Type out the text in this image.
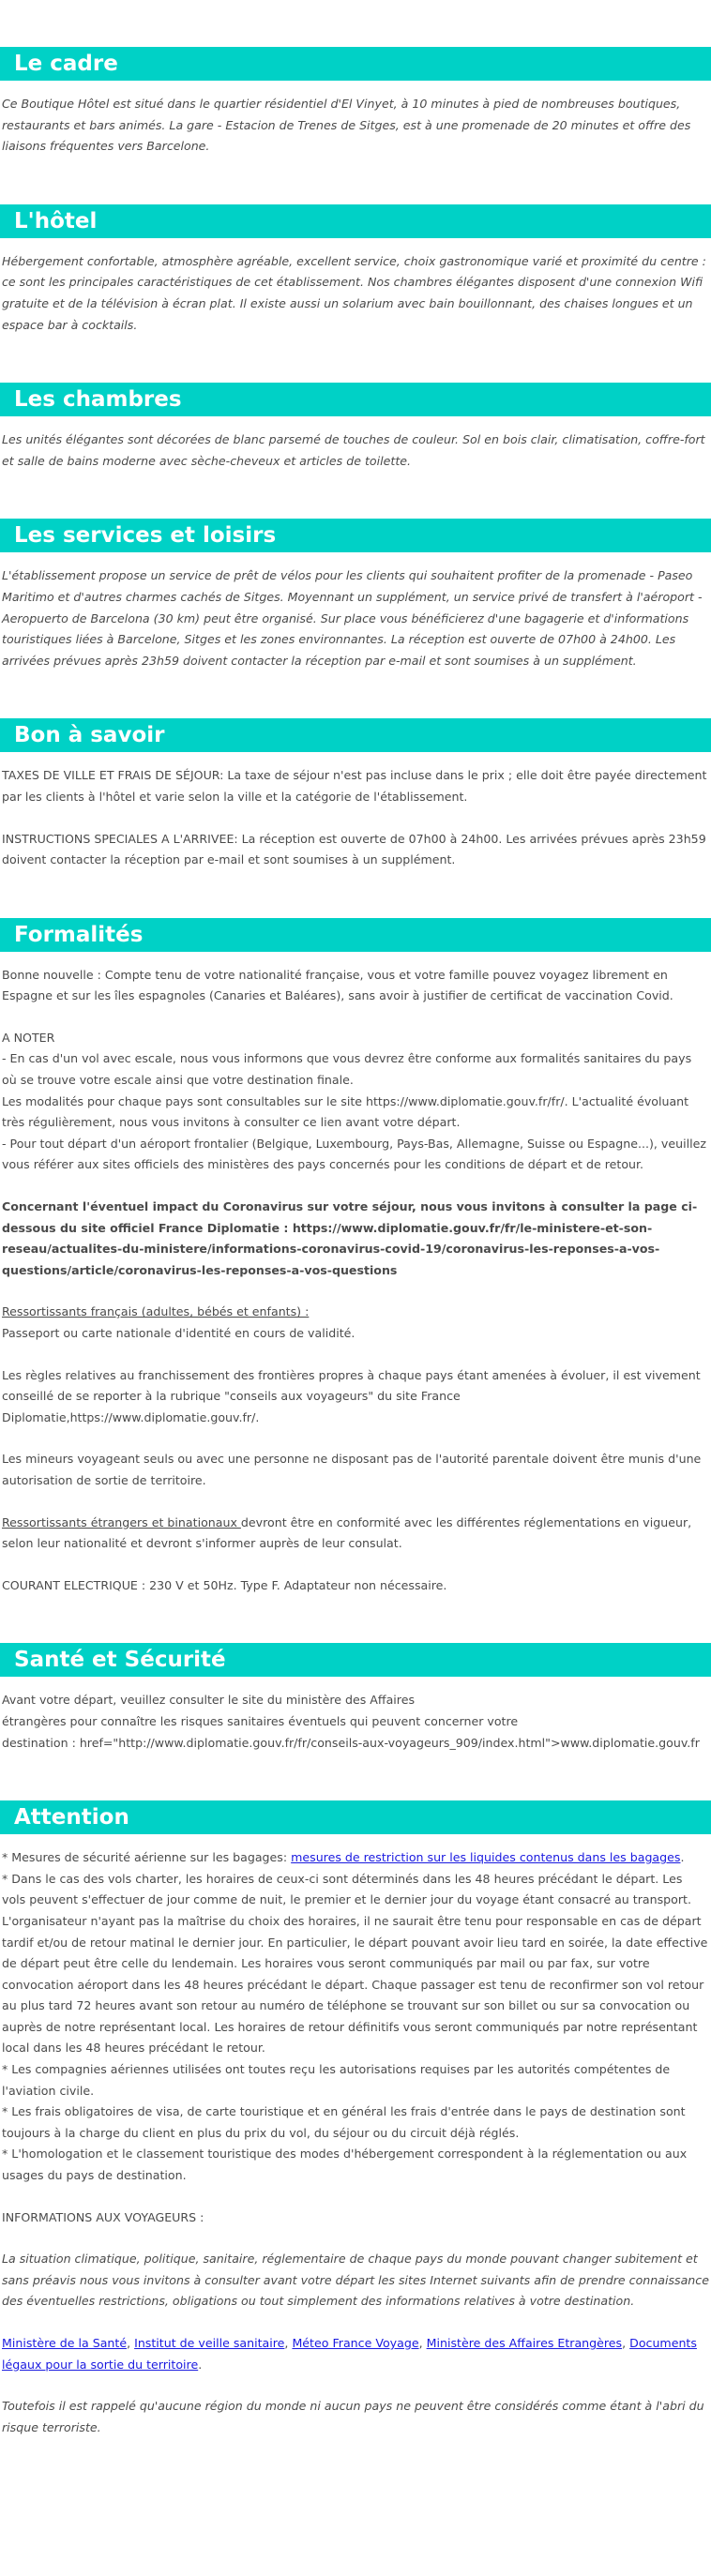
Le cadre

Ce Boutique Hôtel est situé dans le quartier résidentiel d'El Vinyet, à 10 minutes à pied de nombreuses boutiques, restaurants et bars animés. La gare - Estacion de Trenes de Sitges, est à une promenade de 20 minutes et offre des liaisons fréquentes vers Barcelone.

L'hôtel

Hébergement confortable, atmosphère agréable, excellent service, choix gastronomique varié et proximité du centre : ce sont les principales caractéristiques de cet établissement. Nos chambres élégantes disposent d'une connexion Wifi gratuite et de la télévision à écran plat. Il existe aussi un solarium avec bain bouillonnant, des chaises longues et un espace bar à cocktails.

Les chambres

Les unités élégantes sont décorées de blanc parsemé de touches de couleur. Sol en bois clair, climatisation, coffre-fort et salle de bains moderne avec sèche-cheveux et articles de toilette.

Les services et loisirs

L'établissement propose un service de prêt de vélos pour les clients qui souhaitent profiter de la promenade - Paseo Maritimo et d'autres charmes cachés de Sitges. Moyennant un supplément, un service privé de transfert à l'aéroport - Aeropuerto de Barcelona (30 km) peut être organisé. Sur place vous bénéficierez d'une bagagerie et d'informations touristiques liées à Barcelone, Sitges et les zones environnantes. La réception est ouverte de 07h00 à 24h00. Les arrivées prévues après 23h59 doivent contacter la réception par e-mail et sont soumises à un supplément.

Bon à savoir

TAXES DE VILLE ET FRAIS DE SÉJOUR: La taxe de séjour n'est pas incluse dans le prix ; elle doit être payée directement par les clients à l'hôtel et varie selon la ville et la catégorie de l'établissement.

INSTRUCTIONS SPECIALES A L'ARRIVEE: La réception est ouverte de 07h00 à 24h00. Les arrivées prévues après 23h59 doivent contacter la réception par e-mail et sont soumises à un supplément.

Formalités

Bonne nouvelle : Compte tenu de votre nationalité française, vous et votre famille pouvez voyagez librement en Espagne et sur les îles espagnoles (Canaries et Baléares), sans avoir à justifier de certificat de vaccination Covid.

A NOTER
- En cas d'un vol avec escale, nous vous informons que vous devrez être conforme aux formalités sanitaires du pays où se trouve votre escale ainsi que votre destination finale.
Les modalités pour chaque pays sont consultables sur le site https://www.diplomatie.gouv.fr/fr/. L'actualité évoluant très régulièrement, nous vous invitons à consulter ce lien avant votre départ.
- Pour tout départ d'un aéroport frontalier (Belgique, Luxembourg, Pays-Bas, Allemagne, Suisse ou Espagne...), veuillez vous référer aux sites officiels des ministères des pays concernés pour les conditions de départ et de retour.

Concernant l'éventuel impact du Coronavirus sur votre séjour, nous vous invitons à consulter la page ci-dessous du site officiel France Diplomatie : https://www.diplomatie.gouv.fr/fr/le-ministere-et-son-reseau/actualites-du-ministere/informations-coronavirus-covid-19/coronavirus-les-reponses-a-vos-questions/article/coronavirus-les-reponses-a-vos-questions

Ressortissants français (adultes, bébés et enfants) :
Passeport ou carte nationale d'identité en cours de validité.

Les règles relatives au franchissement des frontières propres à chaque pays étant amenées à évoluer, il est vivement conseillé de se reporter à la rubrique "conseils aux voyageurs" du site France Diplomatie,https://www.diplomatie.gouv.fr/.

Les mineurs voyageant seuls ou avec une personne ne disposant pas de l'autorité parentale doivent être munis d'une autorisation de sortie de territoire.

Ressortissants étrangers et binationaux devront être en conformité avec les différentes réglementations en vigueur, selon leur nationalité et devront s'informer auprès de leur consulat.

COURANT ELECTRIQUE : 230 V et 50Hz. Type F. Adaptateur non nécessaire.

Santé et Sécurité

Avant votre départ, veuillez consulter le site du ministère des Affaires
étrangères pour connaître les risques sanitaires éventuels qui peuvent concerner votre
destination : href="http://www.diplomatie.gouv.fr/fr/conseils-aux-voyageurs_909/index.html">www.diplomatie.gouv.fr

Attention

* Mesures de sécurité aérienne sur les bagages: mesures de restriction sur les liquides contenus dans les bagages.
* Dans le cas des vols charter, les horaires de ceux-ci sont déterminés dans les 48 heures précédant le départ. Les vols peuvent s'effectuer de jour comme de nuit, le premier et le dernier jour du voyage étant consacré au transport. L'organisateur n'ayant pas la maîtrise du choix des horaires, il ne saurait être tenu pour responsable en cas de départ tardif et/ou de retour matinal le dernier jour. En particulier, le départ pouvant avoir lieu tard en soirée, la date effective de départ peut être celle du lendemain. Les horaires vous seront communiqués par mail ou par fax, sur votre convocation aéroport dans les 48 heures précédant le départ. Chaque passager est tenu de reconfirmer son vol retour au plus tard 72 heures avant son retour au numéro de téléphone se trouvant sur son billet ou sur sa convocation ou auprès de notre représentant local. Les horaires de retour définitifs vous seront communiqués par notre représentant local dans les 48 heures précédant le retour.
* Les compagnies aériennes utilisées ont toutes reçu les autorisations requises par les autorités compétentes de l'aviation civile.
* Les frais obligatoires de visa, de carte touristique et en général les frais d'entrée dans le pays de destination sont toujours à la charge du client en plus du prix du vol, du séjour ou du circuit déjà réglés.
* L'homologation et le classement touristique des modes d'hébergement correspondent à la réglementation ou aux usages du pays de destination.

INFORMATIONS AUX VOYAGEURS :

La situation climatique, politique, sanitaire, réglementaire de chaque pays du monde pouvant changer subitement et sans préavis nous vous invitons à consulter avant votre départ les sites Internet suivants afin de prendre connaissance des éventuelles restrictions, obligations ou tout simplement des informations relatives à votre destination.

Ministère de la Santé, Institut de veille sanitaire, Méteo France Voyage, Ministère des Affaires Etrangères, Documents légaux pour la sortie du territoire.

Toutefois il est rappelé qu'aucune région du monde ni aucun pays ne peuvent être considérés comme étant à l'abri du risque terroriste.
